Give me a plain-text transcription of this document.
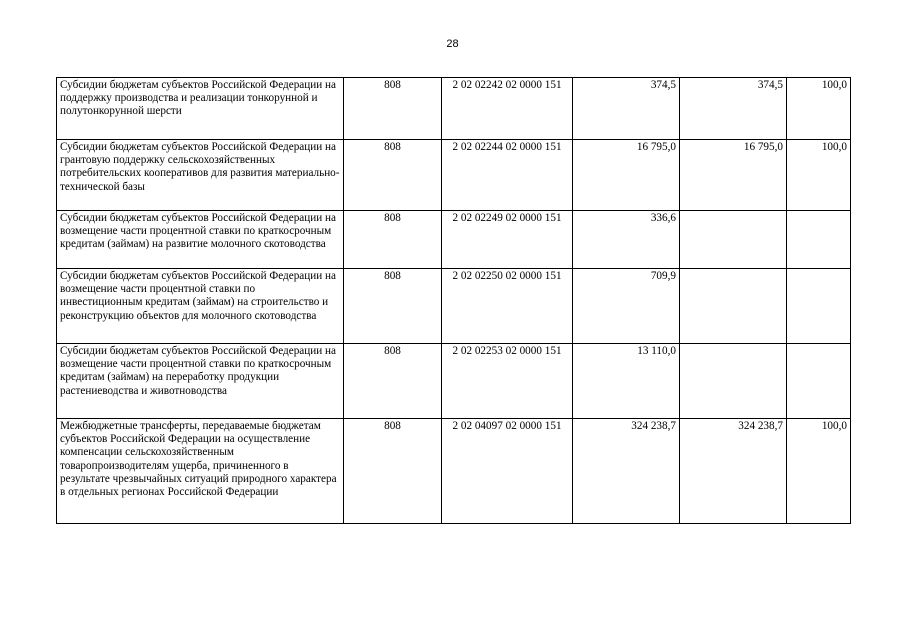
28
Субсидии бюджетам субъектов Российской Федерации на поддержку производства и реализации тонкорунной и полутонкорунной шерсти	808	2 02 02242 02 0000 151	374,5	374,5	100,0
Субсидии бюджетам субъектов Российской Федерации на грантовую поддержку сельскохозяйственных потребительских кооперативов для развития материально-технической базы	808	2 02 02244 02 0000 151	16 795,0	16 795,0	100,0
Субсидии бюджетам субъектов Российской Федерации на возмещение части процентной ставки по краткосрочным кредитам (займам) на развитие молочного скотоводства	808	2 02 02249 02 0000 151	336,6		
Субсидии бюджетам субъектов Российской Федерации на возмещение части процентной ставки по инвестиционным кредитам (займам) на строительство и реконструкцию объектов для молочного скотоводства	808	2 02 02250 02 0000 151	709,9		
Субсидии бюджетам субъектов Российской Федерации на возмещение части процентной ставки по краткосрочным кредитам (займам) на переработку продукции растениеводства и животноводства	808	2 02 02253 02 0000 151	13 110,0		
Межбюджетные трансферты, передаваемые бюджетам субъектов Российской Федерации на осуществление компенсации сельскохозяйственным товаропроизводителям ущерба, причиненного в результате чрезвычайных ситуаций природного характера в отдельных регионах Российской Федерации	808	2 02 04097 02 0000 151	324 238,7	324 238,7	100,0
